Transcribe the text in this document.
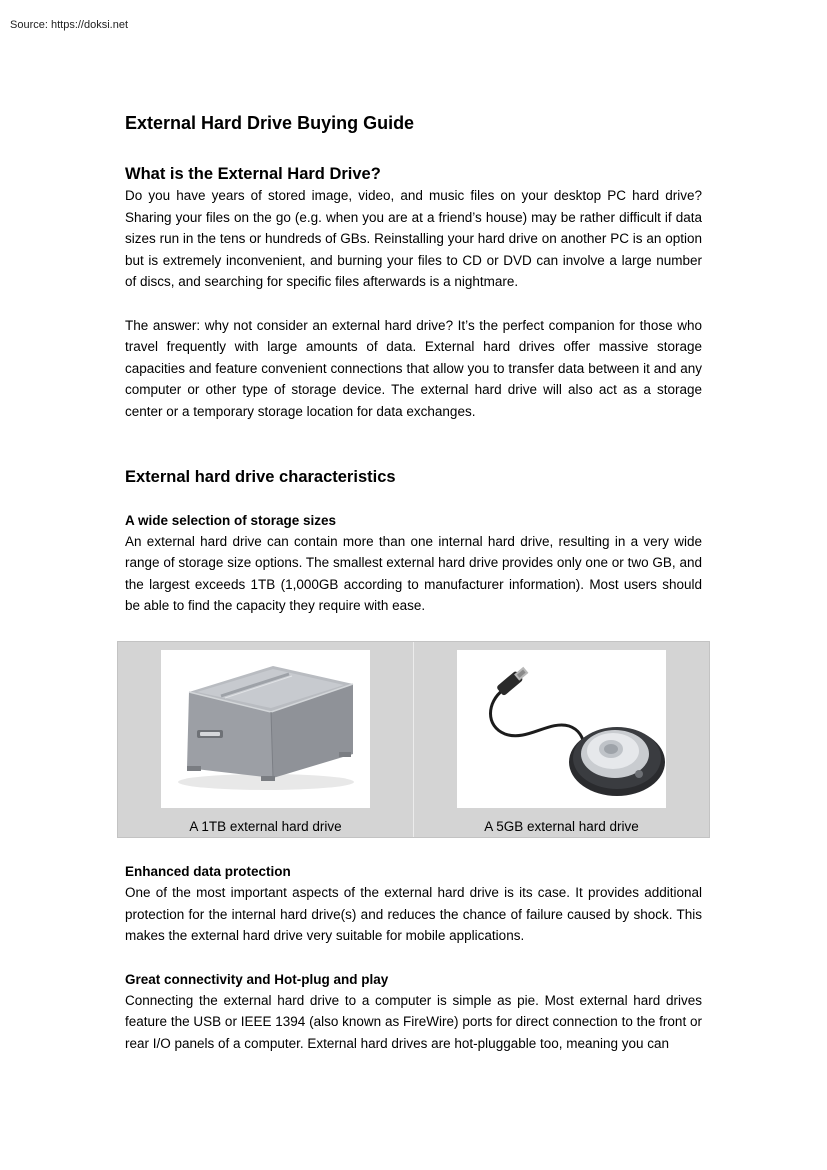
Source: https://doksi.net
External Hard Drive Buying Guide
What is the External Hard Drive?

Do you have years of stored image, video, and music files on your desktop PC hard drive? Sharing your files on the go (e.g. when you are at a friend’s house) may be rather difficult if data sizes run in the tens or hundreds of GBs. Reinstalling your hard drive on another PC is an option but is extremely inconvenient, and burning your files to CD or DVD can involve a large number of discs, and searching for specific files afterwards is a nightmare.

The answer: why not consider an external hard drive? It’s the perfect companion for those who travel frequently with large amounts of data. External hard drives offer massive storage capacities and feature convenient connections that allow you to transfer data between it and any computer or other type of storage device. The external hard drive will also act as a storage center or a temporary storage location for data exchanges.

External hard drive characteristics
A wide selection of storage sizes

An external hard drive can contain more than one internal hard drive, resulting in a very wide range of storage size options. The smallest external hard drive provides only one or two GB, and the largest exceeds 1TB (1,000GB according to manufacturer information). Most users should be able to find the capacity they require with ease.

A 1TB external hard drive	A 5GB external hard drive
Enhanced data protection

One of the most important aspects of the external hard drive is its case. It provides additional protection for the internal hard drive(s) and reduces the chance of failure caused by shock. This makes the external hard drive very suitable for mobile applications.

Great connectivity and Hot-plug and play

Connecting the external hard drive to a computer is simple as pie. Most external hard drives feature the USB or IEEE 1394 (also known as FireWire) ports for direct connection to the front or rear I/O panels of a computer. External hard drives are hot-pluggable too, meaning you can
